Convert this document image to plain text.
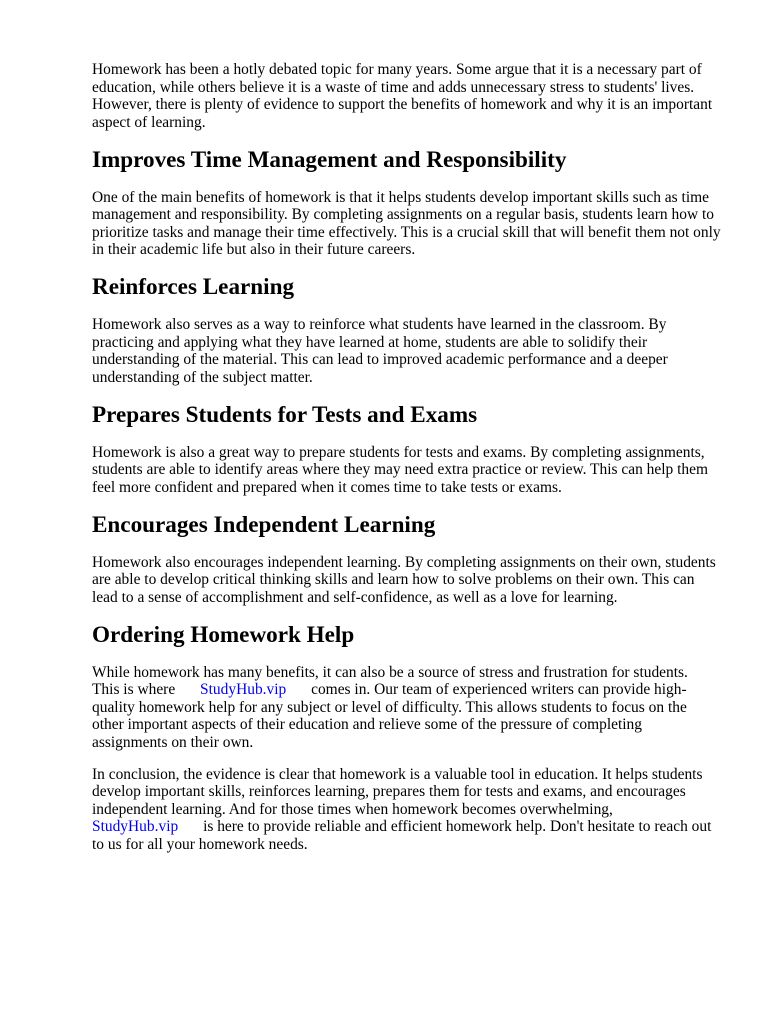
Homework has been a hotly debated topic for many years. Some argue that it is a necessary part of
education, while others believe it is a waste of time and adds unnecessary stress to students' lives.
However, there is plenty of evidence to support the benefits of homework and why it is an important
aspect of learning.
Improves Time Management and Responsibility
One of the main benefits of homework is that it helps students develop important skills such as time
management and responsibility. By completing assignments on a regular basis, students learn how to
prioritize tasks and manage their time effectively. This is a crucial skill that will benefit them not only
in their academic life but also in their future careers.
Reinforces Learning
Homework also serves as a way to reinforce what students have learned in the classroom. By
practicing and applying what they have learned at home, students are able to solidify their
understanding of the material. This can lead to improved academic performance and a deeper
understanding of the subject matter.
Prepares Students for Tests and Exams
Homework is also a great way to prepare students for tests and exams. By completing assignments,
students are able to identify areas where they may need extra practice or review. This can help them
feel more confident and prepared when it comes time to take tests or exams.
Encourages Independent Learning
Homework also encourages independent learning. By completing assignments on their own, students
are able to develop critical thinking skills and learn how to solve problems on their own. This can
lead to a sense of accomplishment and self-confidence, as well as a love for learning.
Ordering Homework Help
While homework has many benefits, it can also be a source of stress and frustration for students.
This is where StudyHub.vip comes in. Our team of experienced writers can provide high-
quality homework help for any subject or level of difficulty. This allows students to focus on the
other important aspects of their education and relieve some of the pressure of completing
assignments on their own.
In conclusion, the evidence is clear that homework is a valuable tool in education. It helps students
develop important skills, reinforces learning, prepares them for tests and exams, and encourages
independent learning. And for those times when homework becomes overwhelming,
StudyHub.vip is here to provide reliable and efficient homework help. Don't hesitate to reach out
to us for all your homework needs.
